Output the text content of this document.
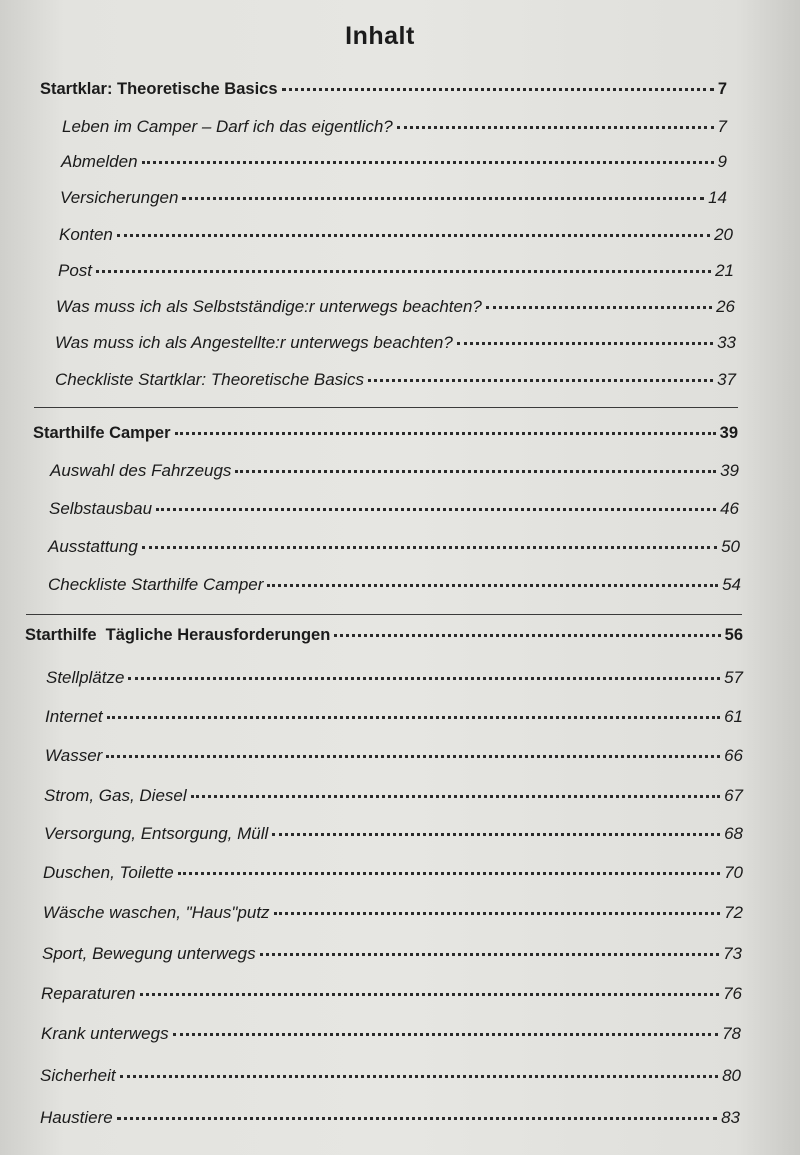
Inhalt
Startklar: Theoretische Basics	7
Leben im Camper – Darf ich das eigentlich?	7
Abmelden	9
Versicherungen	14
Konten	20
Post	21
Was muss ich als Selbstständige:r unterwegs beachten?	26
Was muss ich als Angestellte:r unterwegs beachten?	33
Checkliste Startklar: Theoretische Basics	37
Starthilfe Camper	39
Auswahl des Fahrzeugs	39
Selbstausbau	46
Ausstattung	50
Checkliste Starthilfe Camper	54
Starthilfe  Tägliche Herausforderungen	56
Stellplätze	57
Internet	61
Wasser	66
Strom, Gas, Diesel	67
Versorgung, Entsorgung, Müll	68
Duschen, Toilette	70
Wäsche waschen, "Haus"putz	72
Sport, Bewegung unterwegs	73
Reparaturen	76
Krank unterwegs	78
Sicherheit	80
Haustiere	83
